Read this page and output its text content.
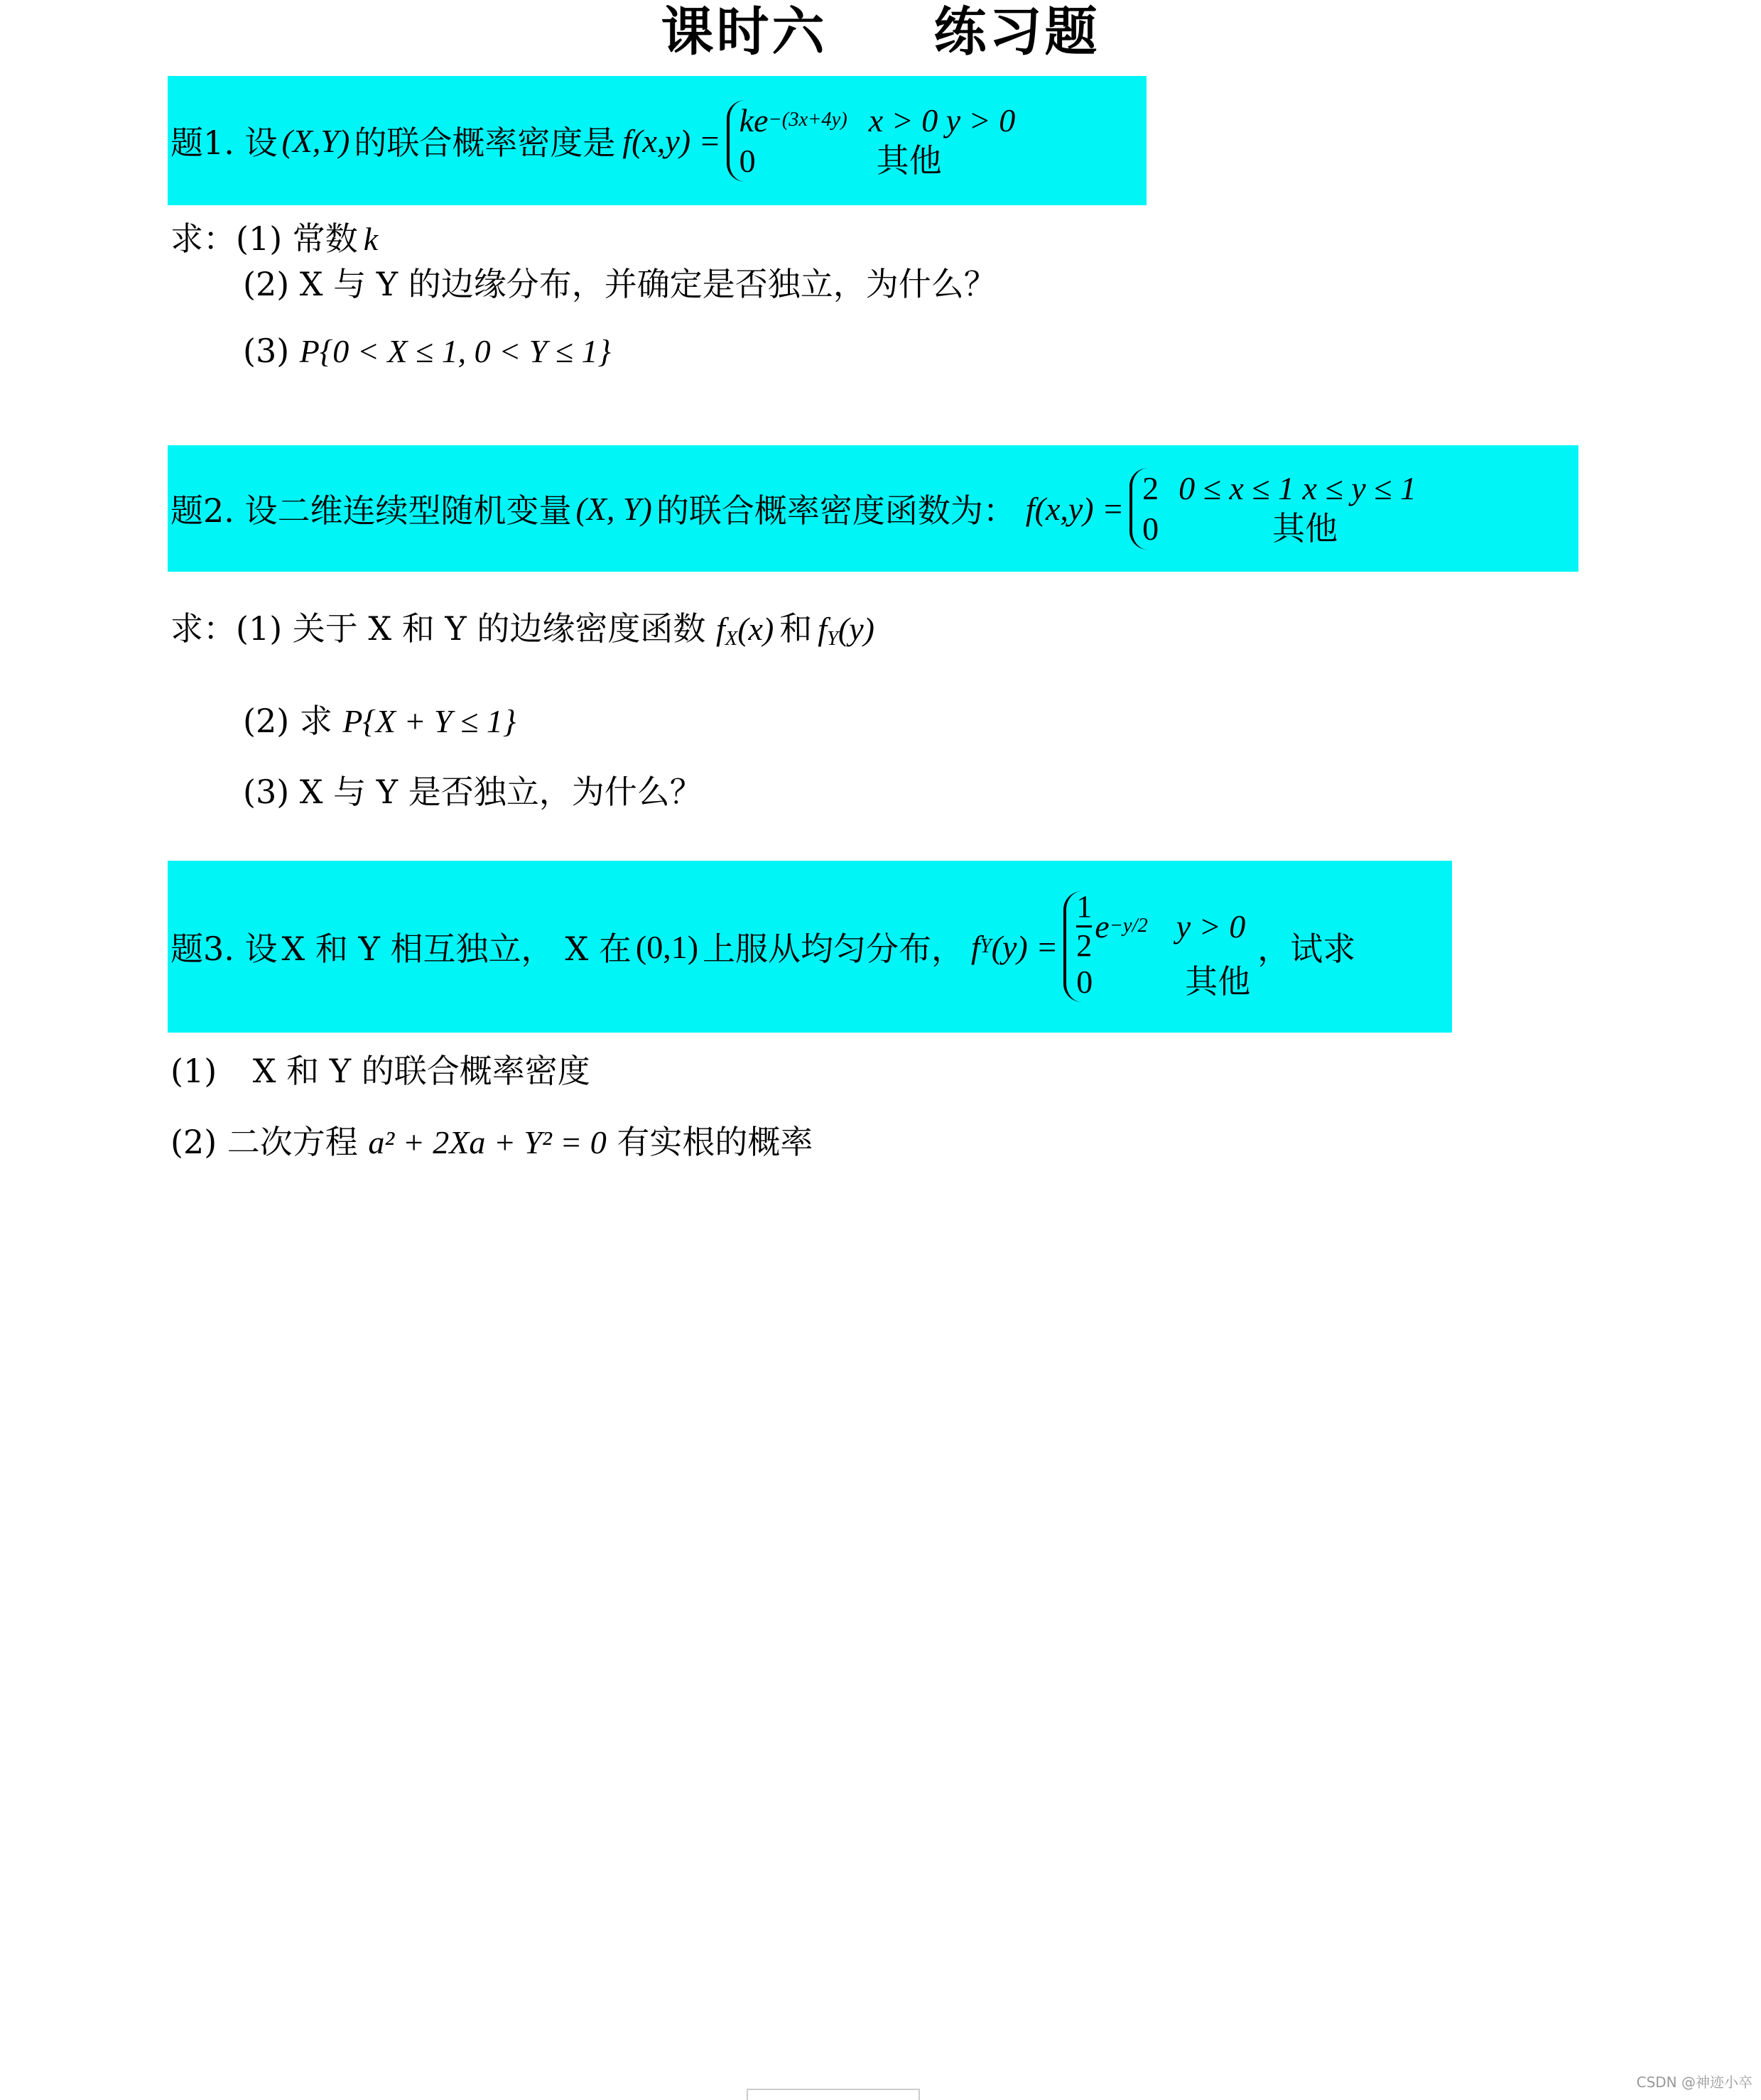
课时六 练习题
题1. 设 (X,Y) 的联合概率密度是 f(x,y) =
ke −(3x+4y) x > 0 y > 0
0	其他
求：(1) 常数 k
(2) X 与 Y 的边缘分布，并确定是否独立，为什么？
(3) P{0 < X ≤ 1, 0 < Y ≤ 1}
题2. 设二维连续型随机变量 (X, Y) 的联合概率密度函数为： f(x,y) =
2 0 ≤ x ≤ 1 x ≤ y ≤ 1
0	其他
求：(1) 关于 X 和 Y 的边缘密度函数 $f_X(x)$ 和 $f_Y(y)$
(2) 求 P{X + Y ≤ 1}
(3) X 与 Y 是否独立，为什么？
题3. 设 X 和 Y 相互独立， X 在 (0,1) 上服从均匀分布， f Y $(y) = \frac{1}{2}$ e −y/2 y > 0
0	其他
，试求
(1) X 和 Y 的联合概率密度
(2) 二次方程 a² + 2Xa + Y² = 0 有实根的概率
CSDN @神迹小卒
